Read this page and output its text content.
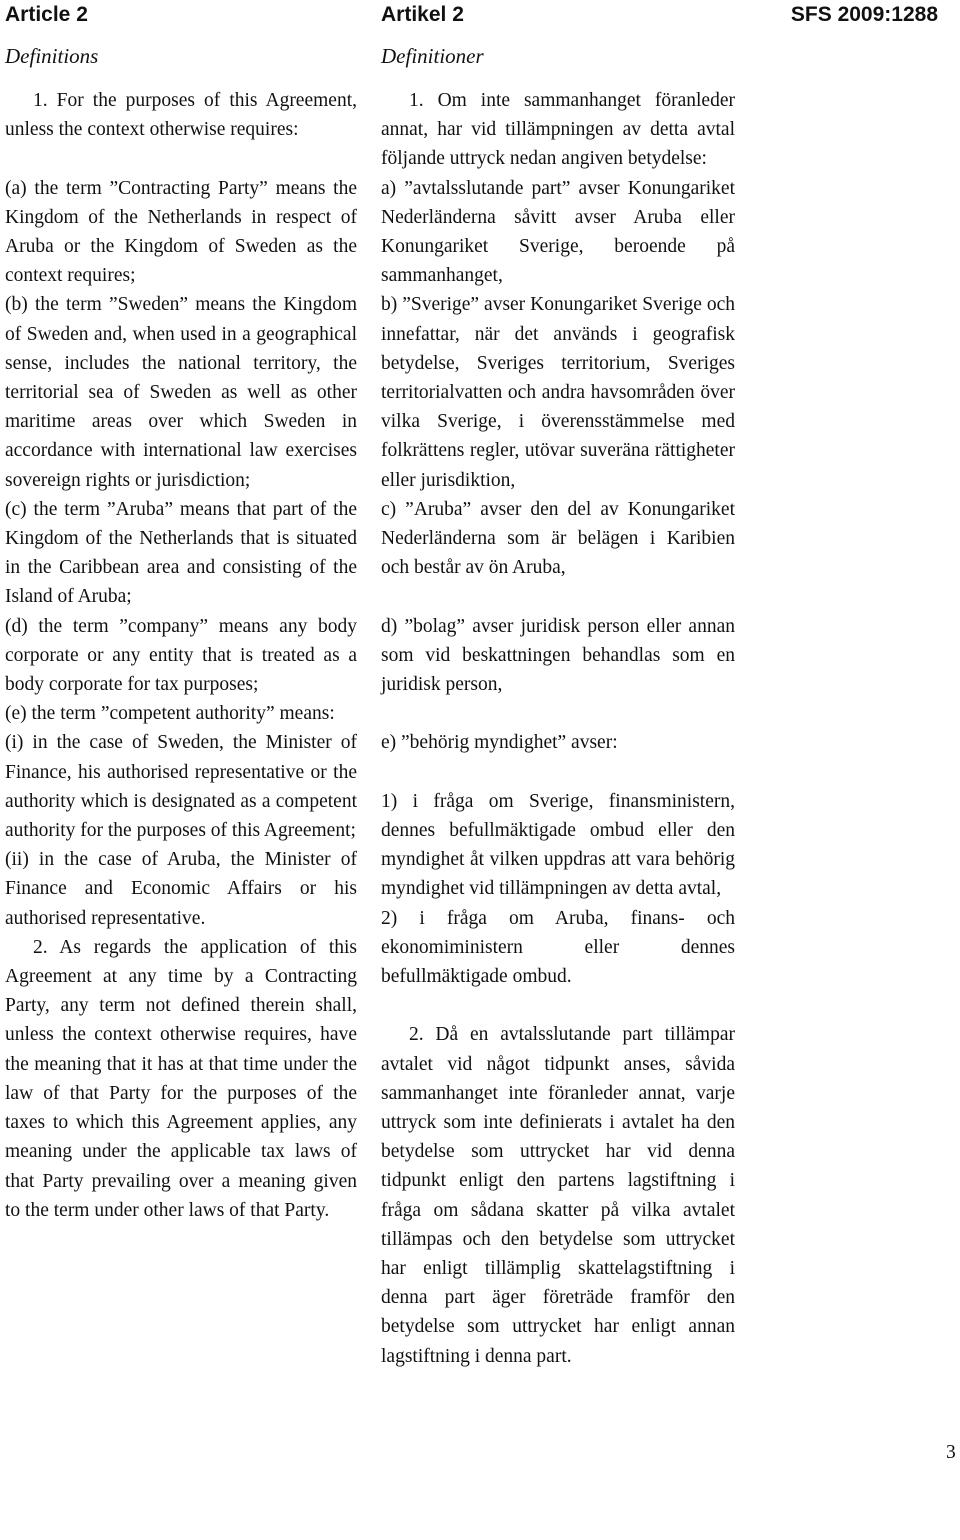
Article 2	Artikel 2	SFS 2009:1288
Definitions	Definitioner

1. For the purposes of this Agreement, unless the context otherwise requires:

(a) the term ”Contracting Party” means the Kingdom of the Netherlands in respect of Aruba or the Kingdom of Sweden as the context requires;

(b) the term ”Sweden” means the Kingdom of Sweden and, when used in a geographical sense, includes the national territory, the territorial sea of Sweden as well as other maritime areas over which Sweden in accordance with international law exercises sovereign rights or jurisdiction;

(c) the term ”Aruba” means that part of the Kingdom of the Netherlands that is situated in the Caribbean area and consisting of the Island of Aruba;

(d) the term ”company” means any body corporate or any entity that is treated as a body corporate for tax purposes;

(e) the term ”competent authority” means:

(i) in the case of Sweden, the Minister of Finance, his authorised representative or the authority which is designated as a competent authority for the purposes of this Agreement;

(ii) in the case of Aruba, the Minister of Finance and Economic Affairs or his authorised representative.

2. As regards the application of this Agreement at any time by a Contracting Party, any term not defined therein shall, unless the context otherwise requires, have the meaning that it has at that time under the law of that Party for the purposes of the taxes to which this Agreement applies, any meaning under the applicable tax laws of that Party prevailing over a meaning given to the term under other laws of that Party.

1. Om inte sammanhanget föranleder annat, har vid tillämpningen av detta avtal följande uttryck nedan angiven betydelse:

a) ”avtalsslutande part” avser Konungariket Nederländerna såvitt avser Aruba eller Konungariket Sverige, beroende på sammanhanget,

b) ”Sverige” avser Konungariket Sverige och innefattar, när det används i geografisk betydelse, Sveriges territorium, Sveriges territorialvatten och andra havsområden över vilka Sverige, i överensstämmelse med folkrättens regler, utövar suveräna rättigheter eller jurisdiktion,

c) ”Aruba” avser den del av Konungariket Nederländerna som är belägen i Karibien och består av ön Aruba,

d) ”bolag” avser juridisk person eller annan som vid beskattningen behandlas som en juridisk person,

e) ”behörig myndighet” avser:

1) i fråga om Sverige, finansministern, dennes befullmäktigade ombud eller den myndighet åt vilken uppdras att vara behörig myndighet vid tillämpningen av detta avtal,

2) i fråga om Aruba, finans- och ekonomiministern eller dennes befullmäktigade ombud.

2. Då en avtalsslutande part tillämpar avtalet vid något tidpunkt anses, såvida sammanhanget inte föranleder annat, varje uttryck som inte definierats i avtalet ha den betydelse som uttrycket har vid denna tidpunkt enligt den partens lagstiftning i fråga om sådana skatter på vilka avtalet tillämpas och den betydelse som uttrycket har enligt tillämplig skattelagstiftning i denna part äger företräde framför den betydelse som uttrycket har enligt annan lagstiftning i denna part.

3
